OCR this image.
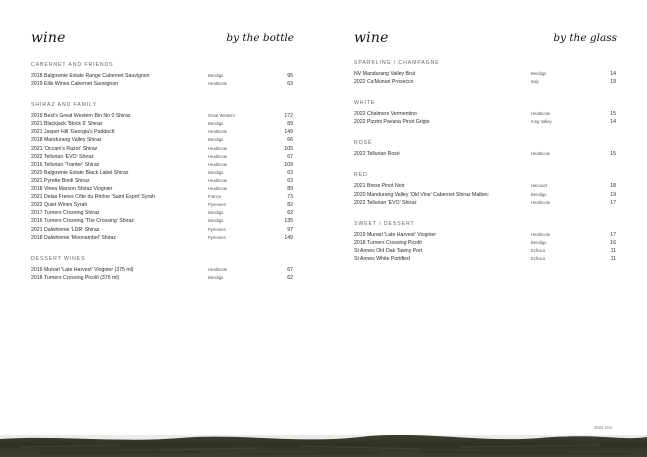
wine	by the bottle
CABERNET AND FRIENDS
2018 Balgownie Estate Range Cabernet Sauvignon	Bendigo	95
2019 Ellis Wines Cabernet Sauvignon	Heathcote	63
SHIRAZ AND FAMILY
2019 Best's Great Western Bin No 0 Shiraz	Great Western	172
2021 Blackjack 'Block 6' Shiraz	Bendigo	89
2021 Jasper Hill 'Georgia's Paddock'	Heathcote	149
2018 Mandurang Valley Shiraz	Bendigo	66
2021 'Occam's Razor' Shiraz	Heathcote	105
2022 Tellurian 'EVO' Shiraz	Heathcote	67
2016 Tellurian 'Tranter' Shiraz	Heathcote	109
2020 Balgownie Estate Black Label Shiraz	Bendigo	63
2021 Pyrette Bindi Shiraz	Heathcote	63
2018 Vinea Marson Shiraz Viognier	Heathcote	89
2021 Delas Freres Côte du Rhône 'Saint Esprit' Syrah	France	73
2022 Quiet Wines Syrah	Pyrenees	82
2017 Turners Crossing Shiraz	Bendigo	62
2016 Turners Crossing 'The Crossing' Shiraz	Bendigo	135
2021 Dalwhinnie 'LDR' Shiraz	Pyrenees	97
2018 Dalwhinnie 'Moonambel' Shiraz	Pyrenees	149
DESSERT WINES
2019 Munari 'Late Harvest' Viognier (375 ml)	Heathcote	67
2018 Turners Crossing Picolit (375 ml)	Bendigo	62
wine	by the glass
SPARKLING / CHAMPAGNE
NV Mandurang Valley Brut	Bendigo	14
2022 Ca'Munari Prosecco	Italy	19
WHITE
2022 Chalmers Vermentino	Heathcote	15
2022 Pizzini Pavana Pinot Grigio	King Valley	14
ROSÉ
2022 Tellurian Rosé	Heathcote	15
RED
2021 Bress Pinot Noir	Harcourt	18
2020 Mandurang Valley 'Old Vine' Cabernet Shiraz Malbec	Bendigo	19
2022 Tellurian 'EVO' Shiraz	Heathcote	17
SWEET / DESSERT
2019 Munari 'Late Harvest' Viognier	Heathcote	17
2018 Turners Crossing Picolit	Bendigo	16
St Annes Old Oak Tawny Port	Echuca	11
St Annes White Portified	Echuca	11
2023 V04
